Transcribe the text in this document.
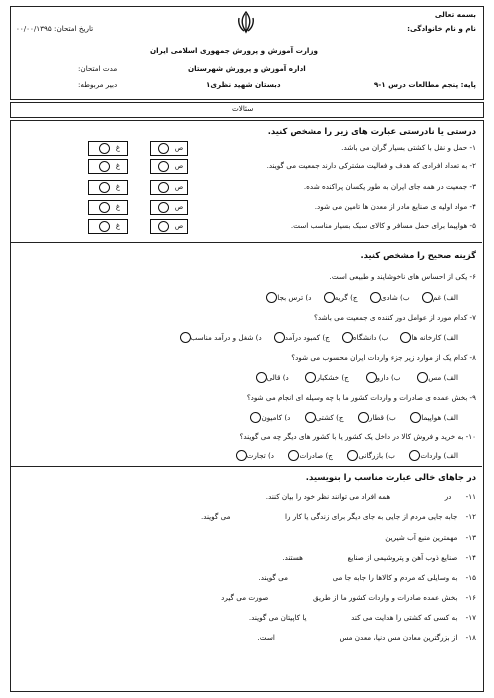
بسمه تعالی
نام و نام خانوادگی:
تاریخ امتحان: ۰۰/۰۰/۱۳۹۵
وزارت آموزش و پرورش جمهوری اسلامی ایران
اداره آموزش و پرورش شهرستان
مدت امتحان:
پایه: پنجم مطالعات درس ۱-۹
دبستان شهید نظری۱
دبیر مربوطه:
سئالات
درستی یا نادرستی عبارت های زیر را مشخص کنید.
۱- حمل و نقل با کشتی بسیار گران می باشد.
۲- به تعداد افرادی که هدف و فعالیت مشترکی دارند جمعیت می گویند.
۳- جمعیت در همه جای ایران به طور یکسان پراکنده شده.
۴- مواد اولیه ی صنایع مادر از معدن ها تامین می شود.
۵- هواپیما برای حمل مسافر و کالای سبک بسیار مناسب است.
ص
غ
ص
غ
ص
غ
ص
غ
ص
غ
گزینه صحیح را مشخص کنید.
۶- یکی از احساس های ناخوشایند و طبیعی است.
الف) غم    ب) شادی    ج) گریه    د) ترس بجا
۷- کدام مورد از عوامل دور کننده ی جمعیت می باشد؟
الف) کارخانه ها    ب) دانشگاه    ج) کمبود درآمد    د) شغل و درآمد مناسب
۸- کدام یک از موارد زیر جزء واردات ایران محسوب می شود؟
الف) مس      ب) دارو      ج) خشکبار      د) قالی
۹- بخش عمده ی صادرات و واردات کشور ما با چه وسیله ای انجام می شود؟
الف) هواپیما     ب) قطار     ج) کشتی     د) کامیون
۱۰- به خرید و فروش کالا در داخل یک کشور یا با کشور های دیگر چه می گویند؟
الف) واردات     ب) بازرگانی     ج) صادرات     د) تجارت
در جاهای خالی عبارت مناسب را بنویسید.
۱۱- در  همه افراد می توانند نظر خود را بیان کنند.
۱۲- جابه جایی مردم از جایی به جای دیگر برای زندگی یا کار را  می گویند.
۱۳- مهمترین منبع آب شیرین
۱۴- صنایع ذوب آهن و پتروشیمی از صنایع  هستند.
۱۵- به وسایلی که مردم و کالاها را جابه جا می  می گویند.
۱۶- بخش عمده صادرات و واردات کشور ما از طریق  صورت می گیرد
۱۷- به کسی که کشتی را هدایت می کند  یا کاپیتان می گویند.
۱۸- از بزرگترین معادن مس دنیا، معدن مس  است.
